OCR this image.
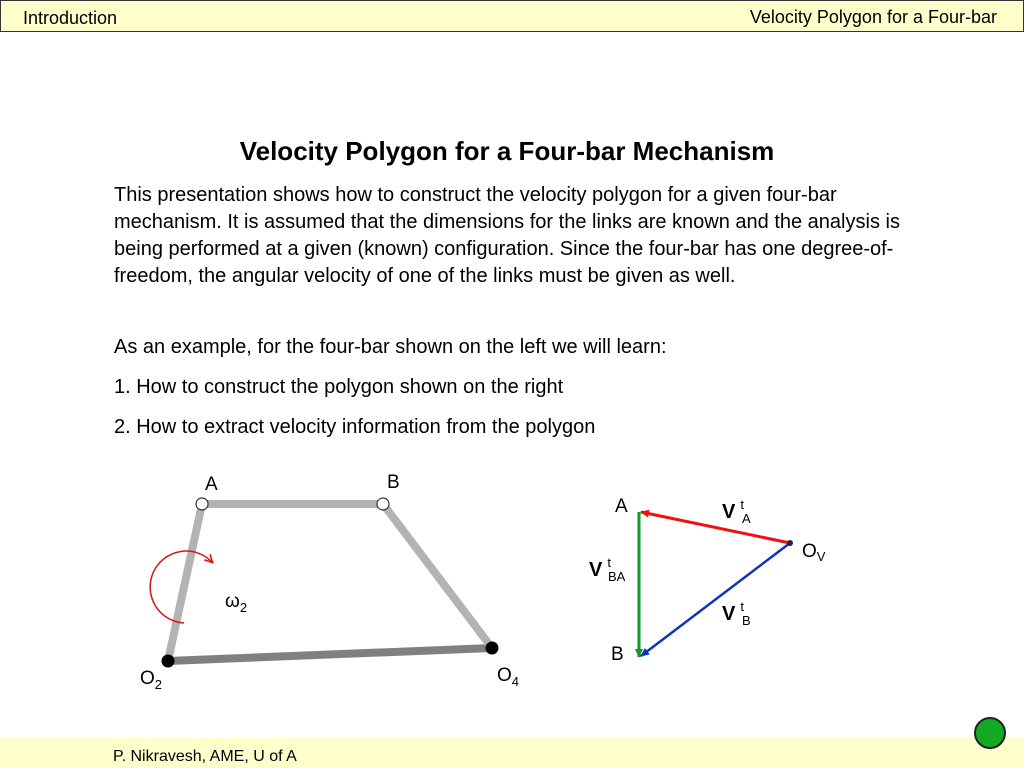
Introduction	Velocity Polygon for a Four-bar
Velocity Polygon for a Four-bar Mechanism
This presentation shows how to construct the velocity polygon for a given four-bar mechanism. It is assumed that the dimensions for the links are known and the analysis is being performed at a given (known) configuration. Since the four-bar has one degree-of-freedom, the angular velocity of one of the links must be given as well.
As an example, for the four-bar shown on the left we will learn:
1. How to construct the polygon shown on the right
2. How to extract velocity information from the polygon
A	B
$O_2$	$O_4$
$\omega_2$
A
B
$O_V$
V $^t$ A
V $^t$ BA
V $^t$ B
P. Nikravesh, AME, U of A
